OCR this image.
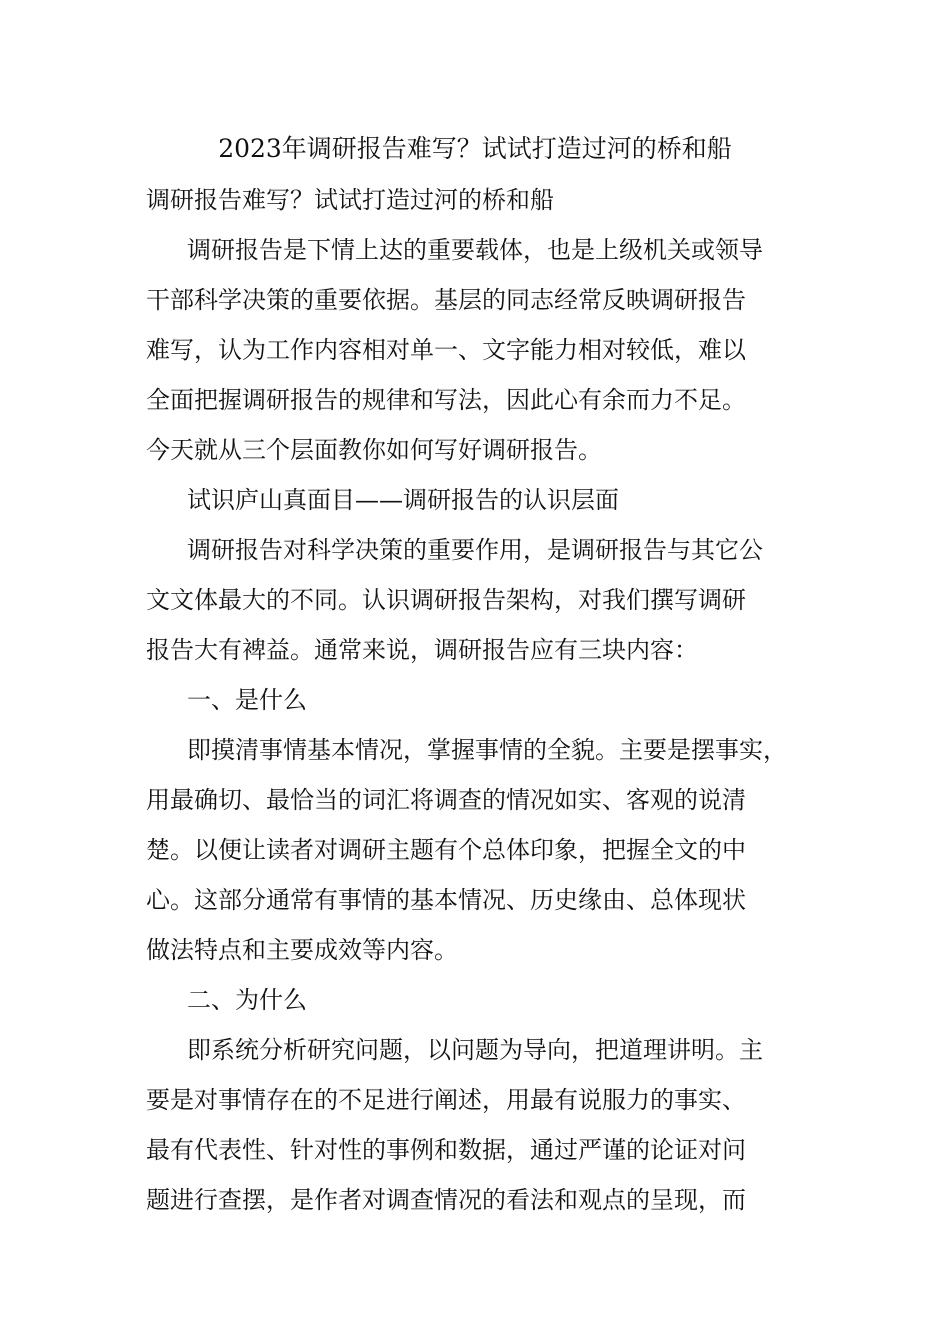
2023年调研报告难写？试试打造过河的桥和船

调研报告难写？试试打造过河的桥和船

调研报告是下情上达的重要载体，也是上级机关或领导

干部科学决策的重要依据。基层的同志经常反映调研报告

难写，认为工作内容相对单一、文字能力相对较低，难以

全面把握调研报告的规律和写法，因此心有余而力不足。

今天就从三个层面教你如何写好调研报告。

试识庐山真面目——调研报告的认识层面

调研报告对科学决策的重要作用，是调研报告与其它公

文文体最大的不同。认识调研报告架构，对我们撰写调研

报告大有裨益。通常来说，调研报告应有三块内容：

一、是什么

即摸清事情基本情况，掌握事情的全貌。主要是摆事实，

用最确切、最恰当的词汇将调查的情况如实、客观的说清

楚。以便让读者对调研主题有个总体印象，把握全文的中

心。这部分通常有事情的基本情况、历史缘由、总体现状

做法特点和主要成效等内容。

二、为什么

即系统分析研究问题，以问题为导向，把道理讲明。主

要是对事情存在的不足进行阐述，用最有说服力的事实、

最有代表性、针对性的事例和数据，通过严谨的论证对问

题进行查摆，是作者对调查情况的看法和观点的呈现，而
